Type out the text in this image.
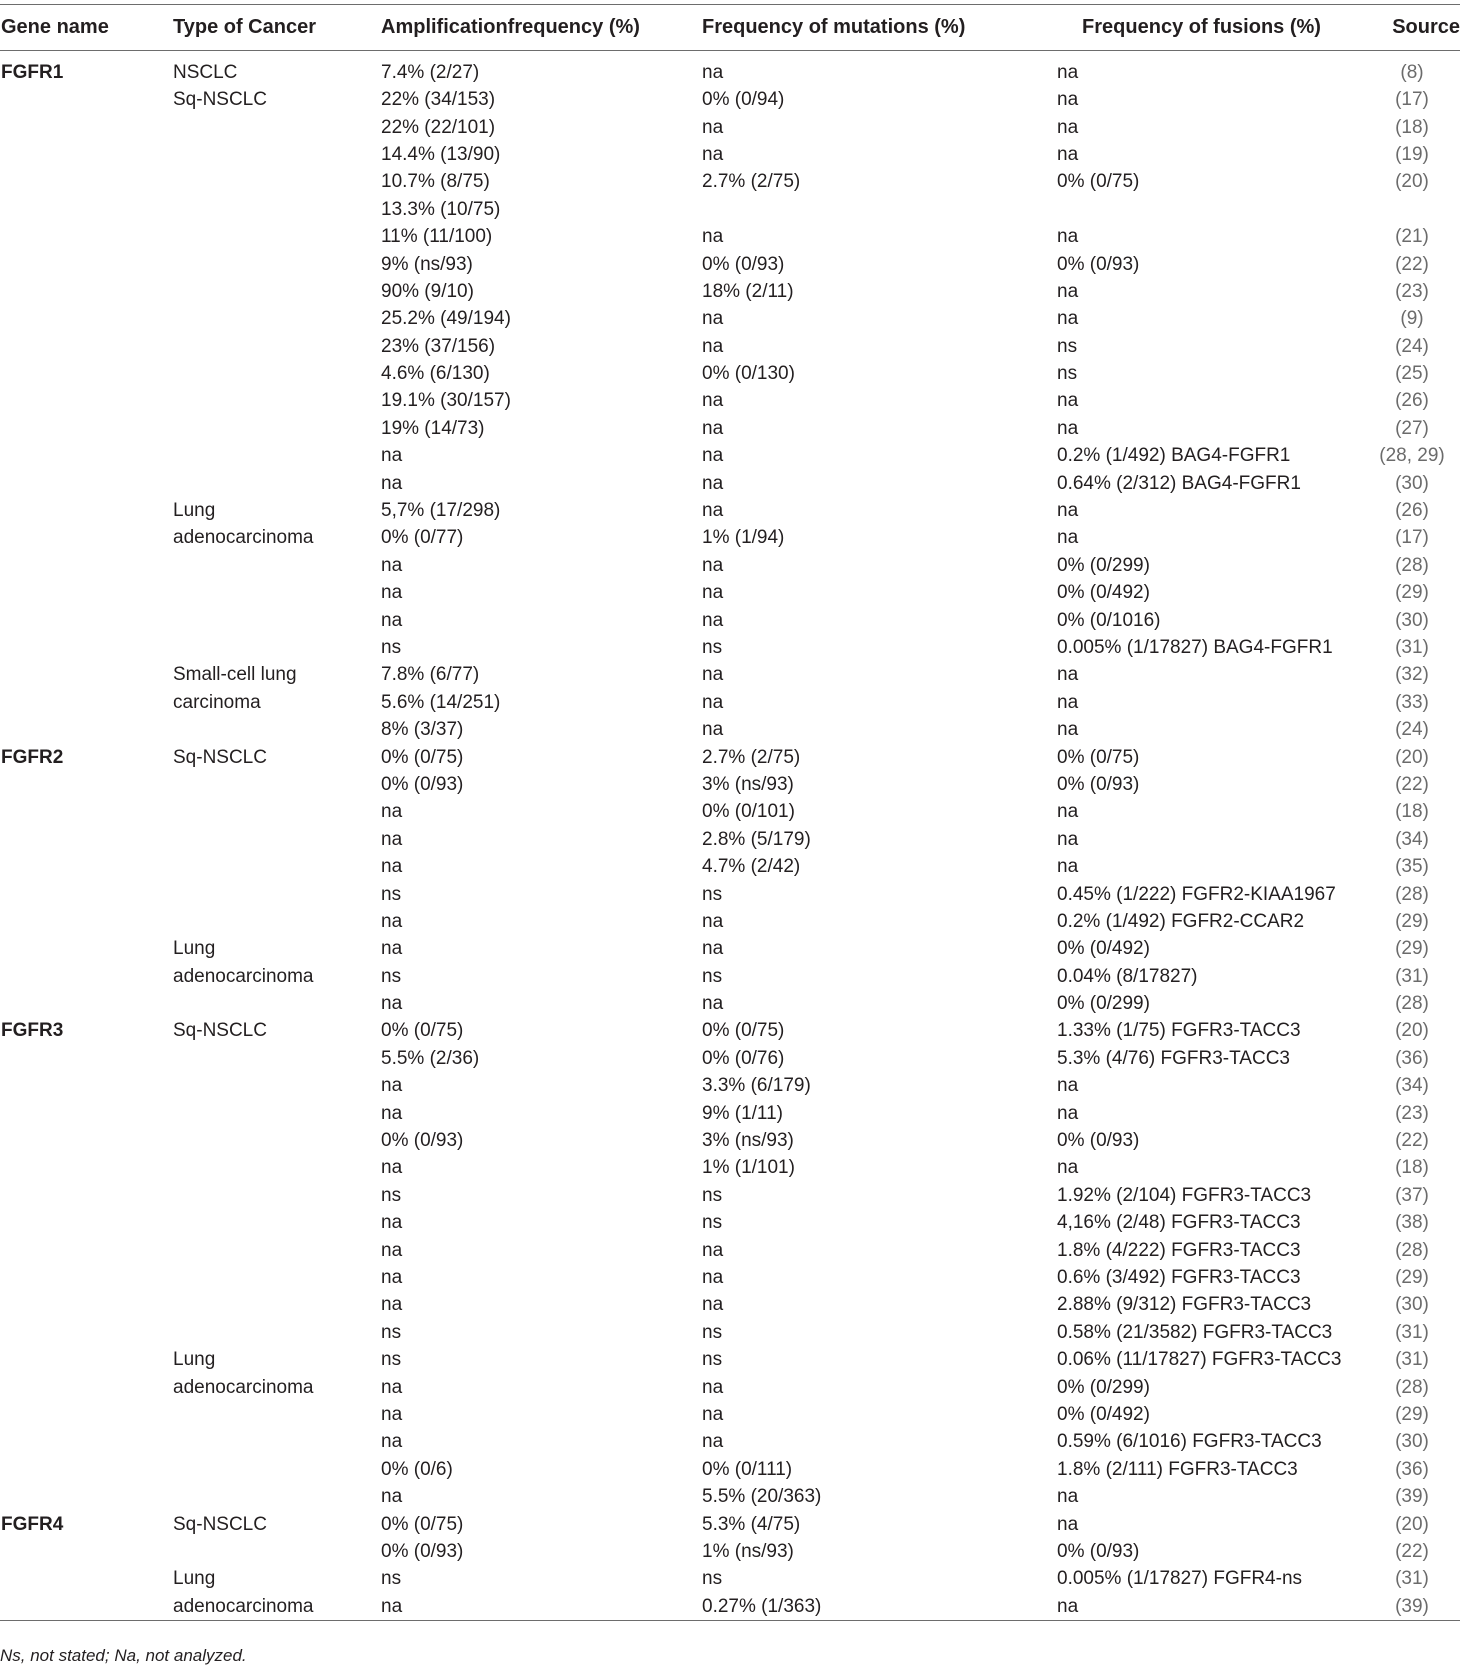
Gene name	Type of Cancer	Amplificationfrequency (%)	Frequency of mutations (%)	Frequency of fusions (%)	Source
FGFR1	NSCLC	7.4% (2/27)	na	na	(8)
	Sq-NSCLC	22% (34/153)	0% (0/94)	na	(17)
		22% (22/101)	na	na	(18)
		14.4% (13/90)	na	na	(19)
		10.7% (8/75)	2.7% (2/75)	0% (0/75)	(20)
		13.3% (10/75)			
		11% (11/100)	na	na	(21)
		9% (ns/93)	0% (0/93)	0% (0/93)	(22)
		90% (9/10)	18% (2/11)	na	(23)
		25.2% (49/194)	na	na	(9)
		23% (37/156)	na	ns	(24)
		4.6% (6/130)	0% (0/130)	ns	(25)
		19.1% (30/157)	na	na	(26)
		19% (14/73)	na	na	(27)
		na	na	0.2% (1/492) BAG4-FGFR1	(28, 29)
		na	na	0.64% (2/312) BAG4-FGFR1	(30)
	Lung	5,7% (17/298)	na	na	(26)
	adenocarcinoma	0% (0/77)	1% (1/94)	na	(17)
		na	na	0% (0/299)	(28)
		na	na	0% (0/492)	(29)
		na	na	0% (0/1016)	(30)
		ns	ns	0.005% (1/17827) BAG4-FGFR1	(31)
	Small-cell lung	7.8% (6/77)	na	na	(32)
	carcinoma	5.6% (14/251)	na	na	(33)
		8% (3/37)	na	na	(24)
FGFR2	Sq-NSCLC	0% (0/75)	2.7% (2/75)	0% (0/75)	(20)
		0% (0/93)	3% (ns/93)	0% (0/93)	(22)
		na	0% (0/101)	na	(18)
		na	2.8% (5/179)	na	(34)
		na	4.7% (2/42)	na	(35)
		ns	ns	0.45% (1/222) FGFR2-KIAA1967	(28)
		na	na	0.2% (1/492) FGFR2-CCAR2	(29)
	Lung	na	na	0% (0/492)	(29)
	adenocarcinoma	ns	ns	0.04% (8/17827)	(31)
		na	na	0% (0/299)	(28)
FGFR3	Sq-NSCLC	0% (0/75)	0% (0/75)	1.33% (1/75) FGFR3-TACC3	(20)
		5.5% (2/36)	0% (0/76)	5.3% (4/76) FGFR3-TACC3	(36)
		na	3.3% (6/179)	na	(34)
		na	9% (1/11)	na	(23)
		0% (0/93)	3% (ns/93)	0% (0/93)	(22)
		na	1% (1/101)	na	(18)
		ns	ns	1.92% (2/104) FGFR3-TACC3	(37)
		na	ns	4,16% (2/48) FGFR3-TACC3	(38)
		na	na	1.8% (4/222) FGFR3-TACC3	(28)
		na	na	0.6% (3/492) FGFR3-TACC3	(29)
		na	na	2.88% (9/312) FGFR3-TACC3	(30)
		ns	ns	0.58% (21/3582) FGFR3-TACC3	(31)
	Lung	ns	ns	0.06% (11/17827) FGFR3-TACC3	(31)
	adenocarcinoma	na	na	0% (0/299)	(28)
		na	na	0% (0/492)	(29)
		na	na	0.59% (6/1016) FGFR3-TACC3	(30)
		0% (0/6)	0% (0/111)	1.8% (2/111) FGFR3-TACC3	(36)
		na	5.5% (20/363)	na	(39)
FGFR4	Sq-NSCLC	0% (0/75)	5.3% (4/75)	na	(20)
		0% (0/93)	1% (ns/93)	0% (0/93)	(22)
	Lung	ns	ns	0.005% (1/17827) FGFR4-ns	(31)
	adenocarcinoma	na	0.27% (1/363)	na	(39)
Ns, not stated; Na, not analyzed.
